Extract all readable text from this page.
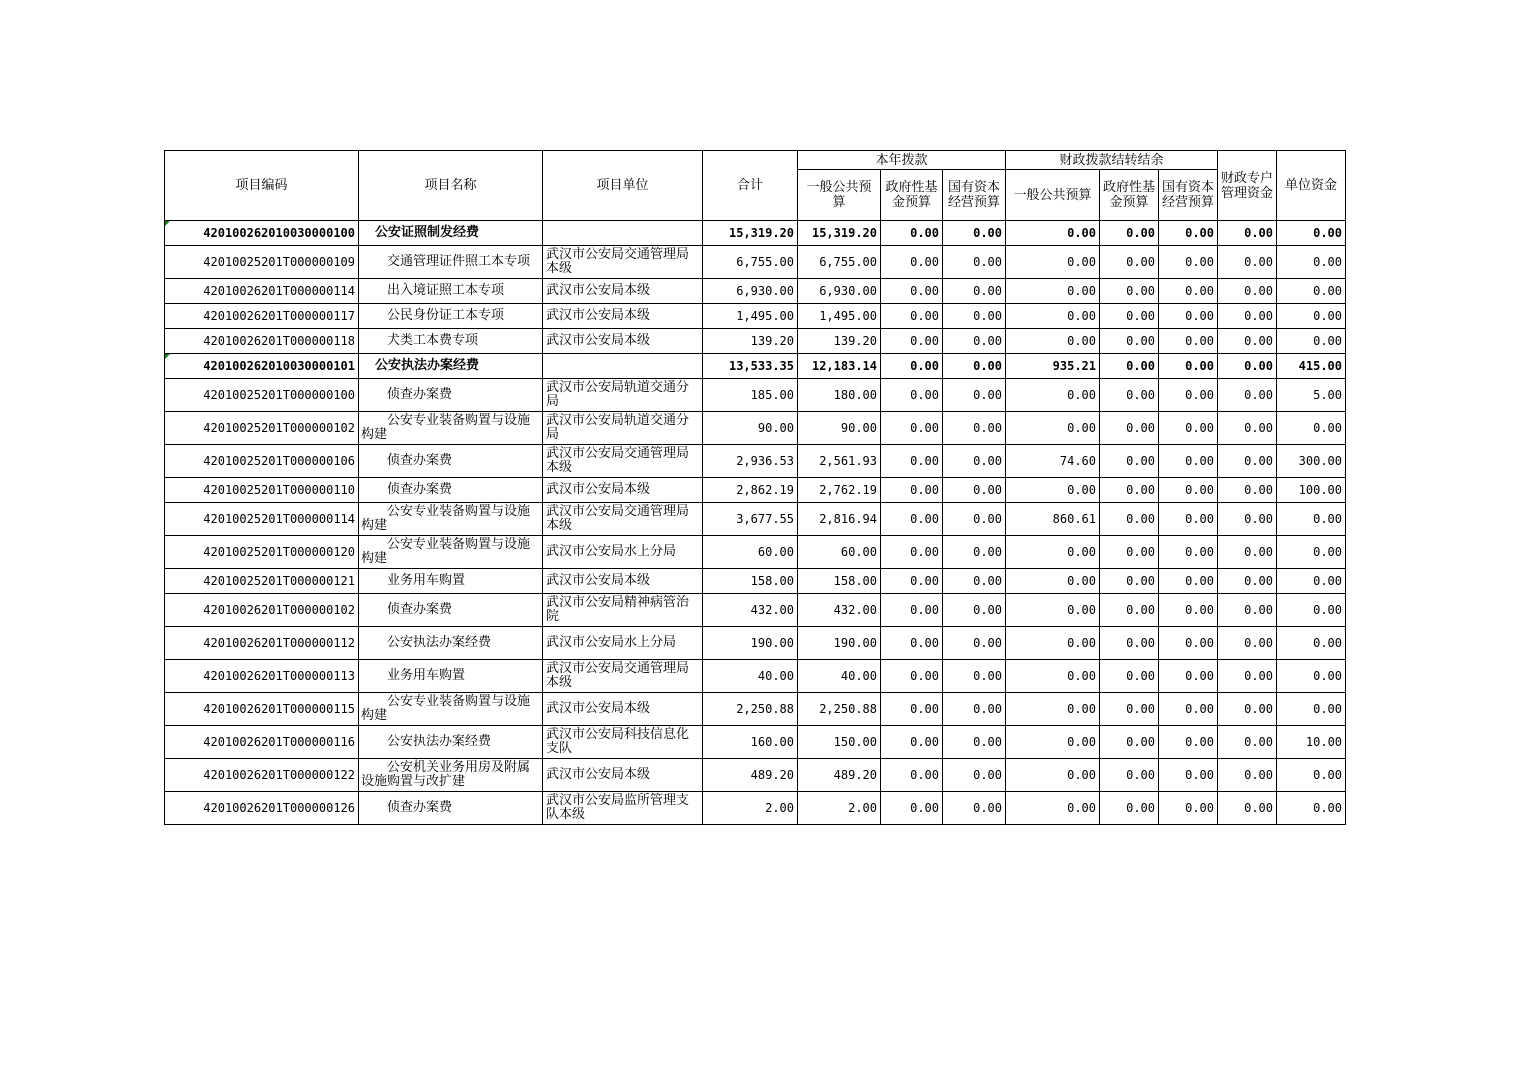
项目编码	项目名称	项目单位	合计	本年拨款			财政拨款结转结余			财政专户管理资金	单位资金
				一般公共预算	政府性基金预算	国有资本经营预算	一般公共预算	政府性基金预算	国有资本经营预算		

420100262010030000100	公安证照制发经费		15,319.20	15,319.20	0.00	0.00	0.00	0.00	0.00	0.00	0.00
42010025201T000000109	交通管理证件照工本专项	武汉市公安局交通管理局本级	6,755.00	6,755.00	0.00	0.00	0.00	0.00	0.00	0.00	0.00
42010026201T000000114	出入境证照工本专项	武汉市公安局本级	6,930.00	6,930.00	0.00	0.00	0.00	0.00	0.00	0.00	0.00
42010026201T000000117	公民身份证工本专项	武汉市公安局本级	1,495.00	1,495.00	0.00	0.00	0.00	0.00	0.00	0.00	0.00
42010026201T000000118	犬类工本费专项	武汉市公安局本级	139.20	139.20	0.00	0.00	0.00	0.00	0.00	0.00	0.00

420100262010030000101	公安执法办案经费		13,533.35	12,183.14	0.00	0.00	935.21	0.00	0.00	0.00	415.00
42010025201T000000100	侦查办案费	武汉市公安局轨道交通分局	185.00	180.00	0.00	0.00	0.00	0.00	0.00	0.00	5.00
42010025201T000000102	公安专业装备购置与设施构建	武汉市公安局轨道交通分局	90.00	90.00	0.00	0.00	0.00	0.00	0.00	0.00	0.00
42010025201T000000106	侦查办案费	武汉市公安局交通管理局本级	2,936.53	2,561.93	0.00	0.00	74.60	0.00	0.00	0.00	300.00
42010025201T000000110	侦查办案费	武汉市公安局本级	2,862.19	2,762.19	0.00	0.00	0.00	0.00	0.00	0.00	100.00
42010025201T000000114	公安专业装备购置与设施构建	武汉市公安局交通管理局本级	3,677.55	2,816.94	0.00	0.00	860.61	0.00	0.00	0.00	0.00
42010025201T000000120	公安专业装备购置与设施构建	武汉市公安局水上分局	60.00	60.00	0.00	0.00	0.00	0.00	0.00	0.00	0.00
42010025201T000000121	业务用车购置	武汉市公安局本级	158.00	158.00	0.00	0.00	0.00	0.00	0.00	0.00	0.00
42010026201T000000102	侦查办案费	武汉市公安局精神病管治院	432.00	432.00	0.00	0.00	0.00	0.00	0.00	0.00	0.00
42010026201T000000112	公安执法办案经费	武汉市公安局水上分局	190.00	190.00	0.00	0.00	0.00	0.00	0.00	0.00	0.00
42010026201T000000113	业务用车购置	武汉市公安局交通管理局本级	40.00	40.00	0.00	0.00	0.00	0.00	0.00	0.00	0.00
42010026201T000000115	公安专业装备购置与设施构建	武汉市公安局本级	2,250.88	2,250.88	0.00	0.00	0.00	0.00	0.00	0.00	0.00
42010026201T000000116	公安执法办案经费	武汉市公安局科技信息化支队	160.00	150.00	0.00	0.00	0.00	0.00	0.00	0.00	10.00
42010026201T000000122	公安机关业务用房及附属设施购置与改扩建	武汉市公安局本级	489.20	489.20	0.00	0.00	0.00	0.00	0.00	0.00	0.00
42010026201T000000126	侦查办案费	武汉市公安局监所管理支队本级	2.00	2.00	0.00	0.00	0.00	0.00	0.00	0.00	0.00
